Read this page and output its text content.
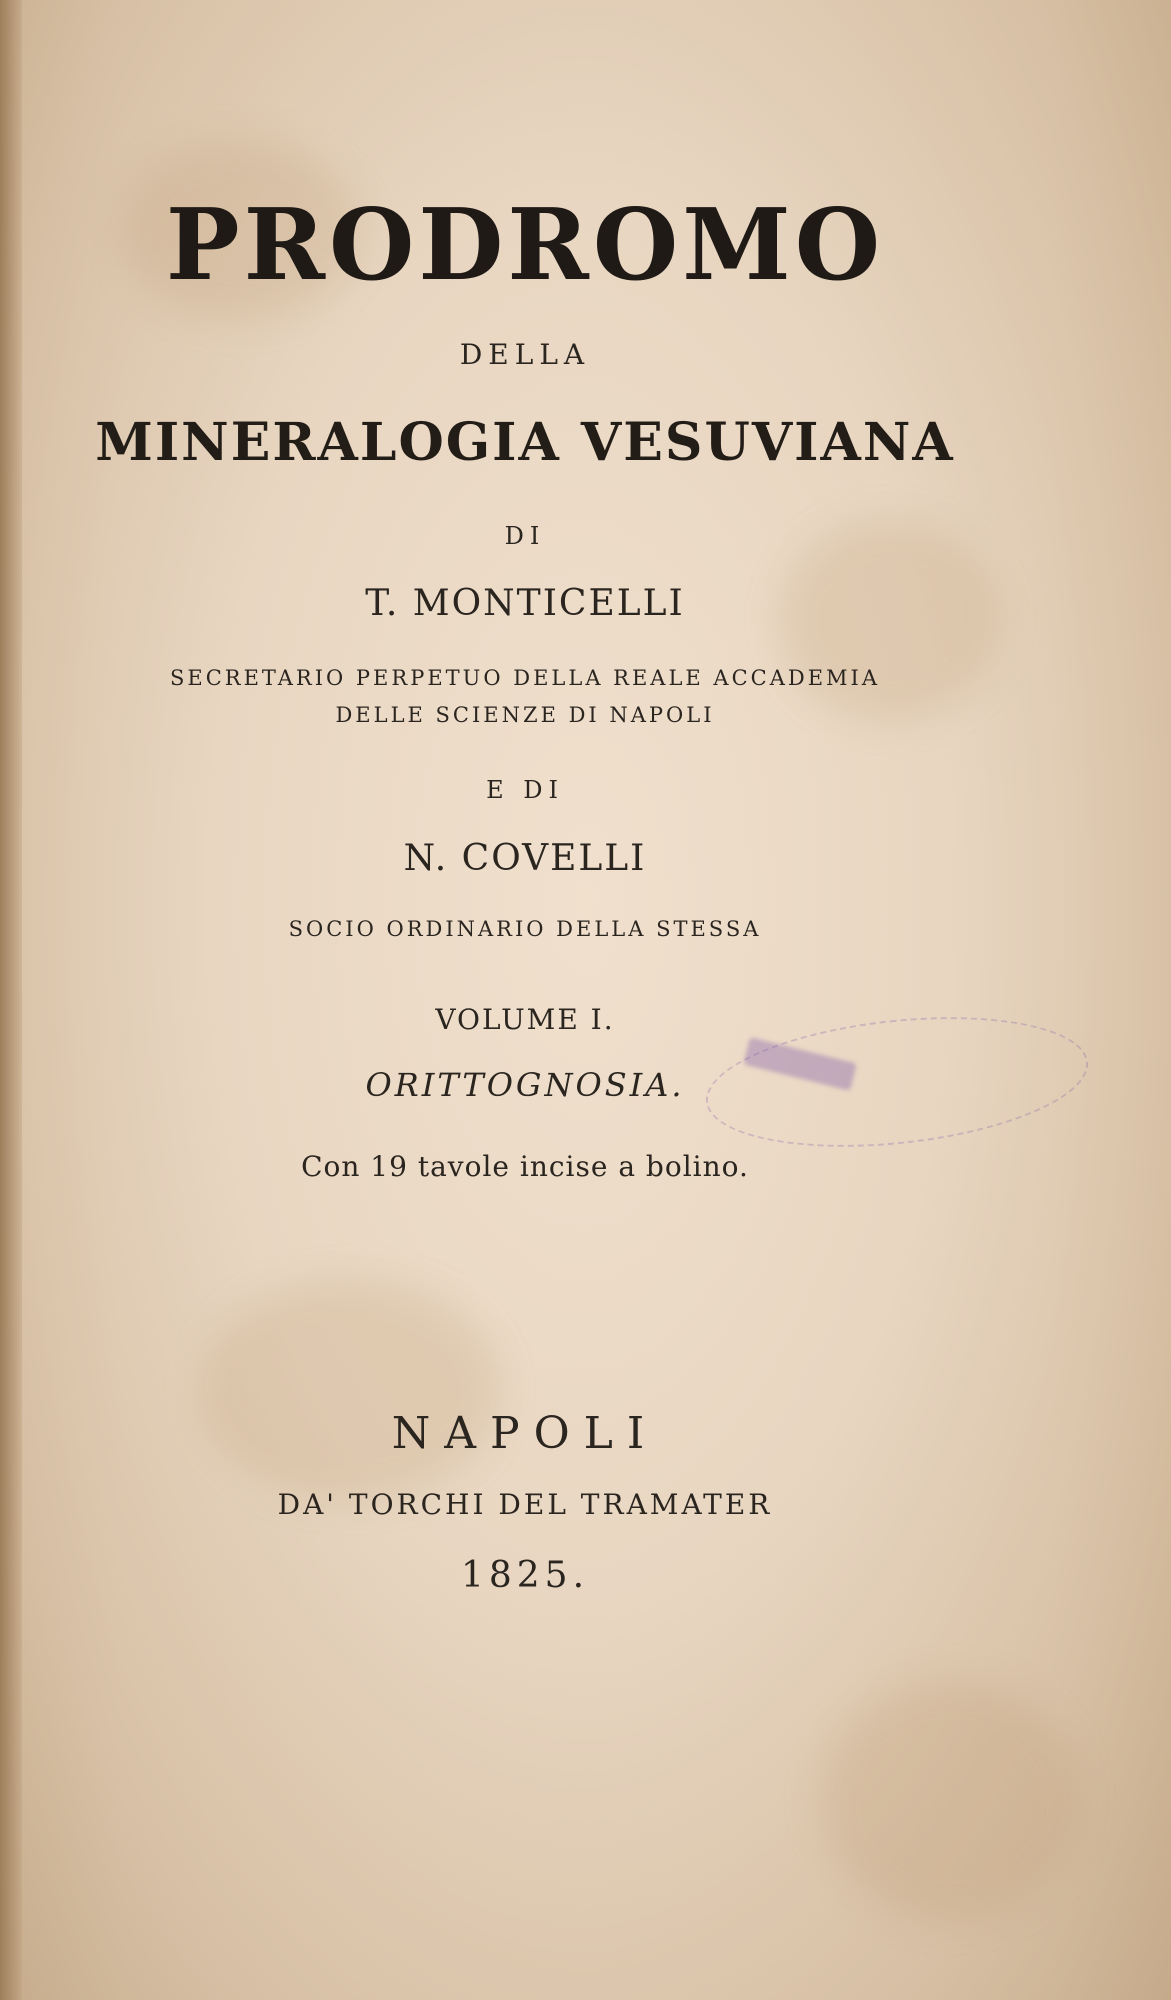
PRODROMO
DELLA
MINERALOGIA VESUVIANA
DI
T. MONTICELLI
SECRETARIO PERPETUO DELLA REALE ACCADEMIA
DELLE SCIENZE DI NAPOLI
E DI
N. COVELLI
SOCIO ORDINARIO DELLA STESSA
VOLUME I.
ORITTOGNOSIA.
Con 19 tavole incise a bolino.
NAPOLI
DA' TORCHI DEL TRAMATER
1825.
